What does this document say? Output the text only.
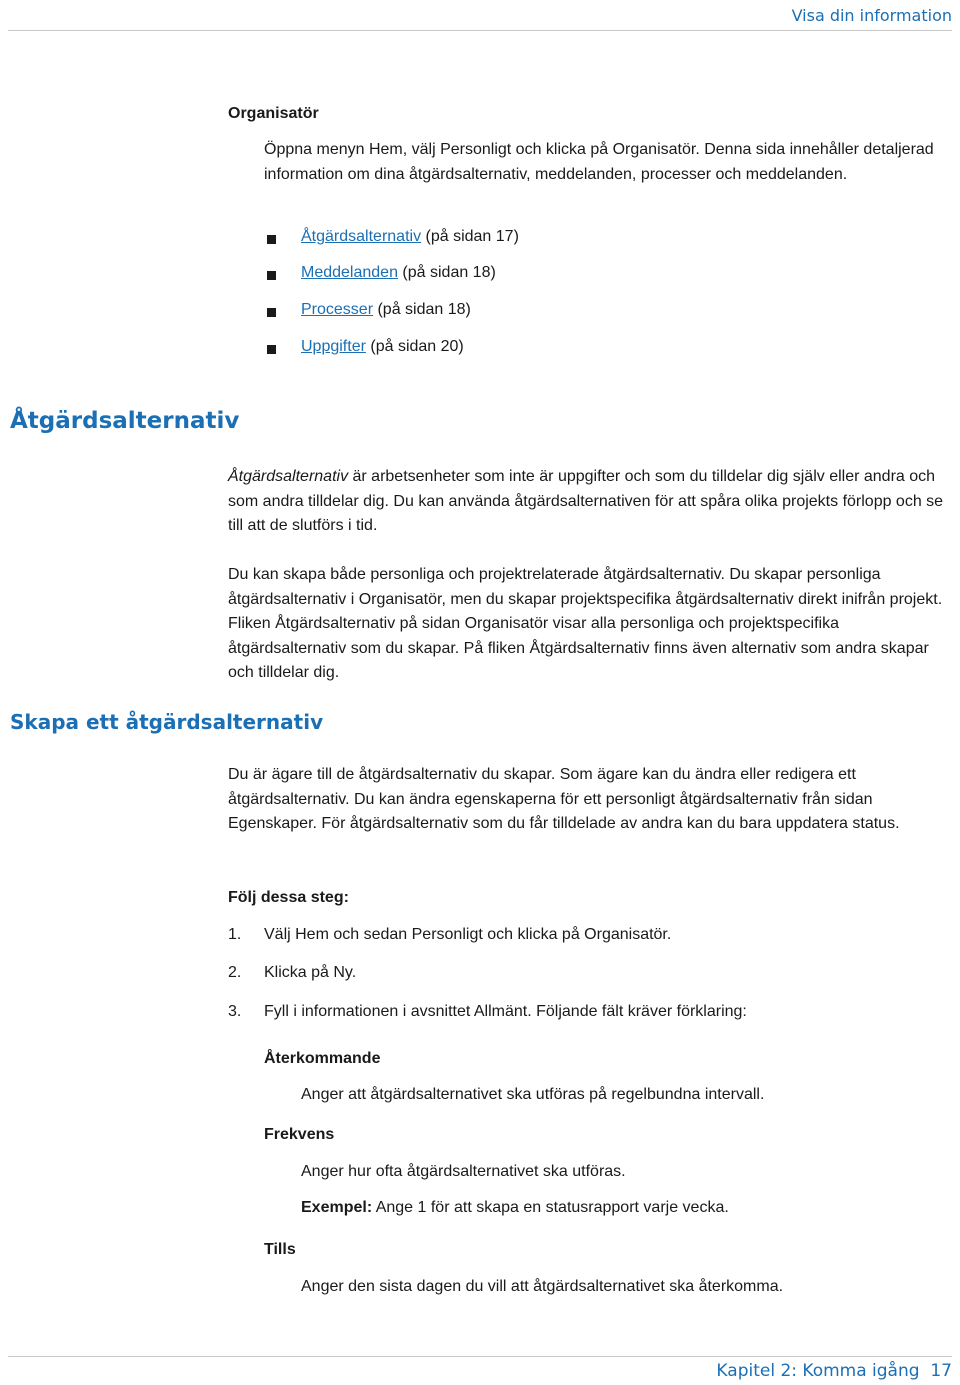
Visa din information
Organisatör
Öppna menyn Hem, välj Personligt och klicka på Organisatör. Denna sida innehåller detaljerad information om dina åtgärdsalternativ, meddelanden, processer och meddelanden.
Åtgärdsalternativ (på sidan 17)
Meddelanden (på sidan 18)
Processer (på sidan 18)
Uppgifter (på sidan 20)
Åtgärdsalternativ
Åtgärdsalternativ är arbetsenheter som inte är uppgifter och som du tilldelar dig själv eller andra och som andra tilldelar dig. Du kan använda åtgärdsalternativen för att spåra olika projekts förlopp och se till att de slutförs i tid.
Du kan skapa både personliga och projektrelaterade åtgärdsalternativ. Du skapar personliga åtgärdsalternativ i Organisatör, men du skapar projektspecifika åtgärdsalternativ direkt inifrån projekt. Fliken Åtgärdsalternativ på sidan Organisatör visar alla personliga och projektspecifika åtgärdsalternativ som du skapar. På fliken Åtgärdsalternativ finns även alternativ som andra skapar och tilldelar dig.
Skapa ett åtgärdsalternativ
Du är ägare till de åtgärdsalternativ du skapar. Som ägare kan du ändra eller redigera ett åtgärdsalternativ. Du kan ändra egenskaperna för ett personligt åtgärdsalternativ från sidan Egenskaper. För åtgärdsalternativ som du får tilldelade av andra kan du bara uppdatera status.
Följ dessa steg:
1.	Välj Hem och sedan Personligt och klicka på Organisatör.
2.	Klicka på Ny.
3.	Fyll i informationen i avsnittet Allmänt. Följande fält kräver förklaring:
Återkommande
Anger att åtgärdsalternativet ska utföras på regelbundna intervall.
Frekvens
Anger hur ofta åtgärdsalternativet ska utföras.
Exempel: Ange 1 för att skapa en statusrapport varje vecka.
Tills
Anger den sista dagen du vill att åtgärdsalternativet ska återkomma.
Kapitel 2: Komma igång 17
